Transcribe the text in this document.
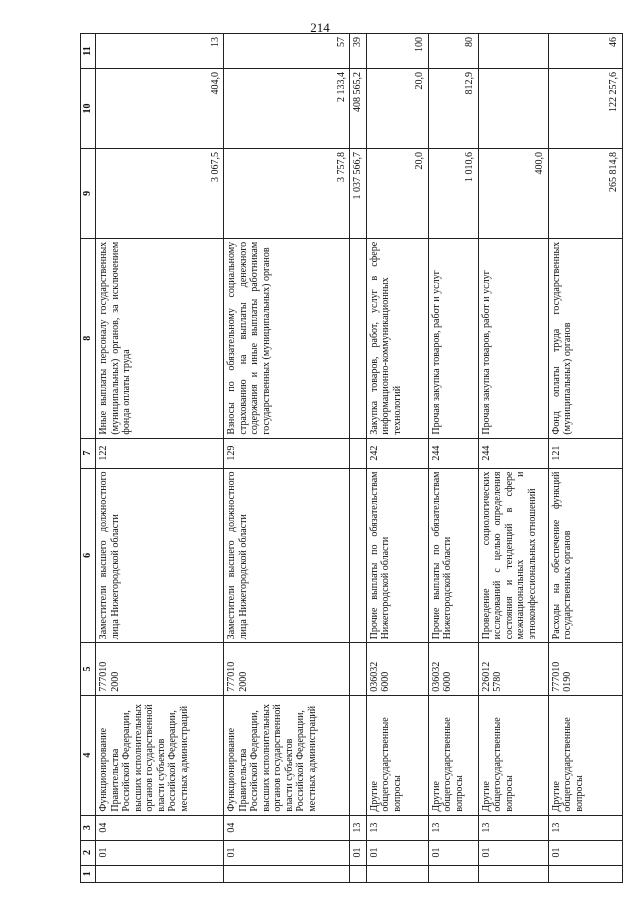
214
1	2	3	4	5	6	7	8	9	10	11
	01	04	Функционирование Правительства Российской Федерации, высших исполнительных органов государственной власти субъектов Российской Федерации, местных администраций	777010 2000	Заместители высшего должностного лица Нижегородской области	122	Иные выплаты персоналу государственных (муниципальных) органов, за исключением фонда оплаты труда	3 067,5	404,0	13
	01	04	Функционирование Правительства Российской Федерации, высших исполнительных органов государственной власти субъектов Российской Федерации, местных администраций	777010 2000	Заместители высшего должностного лица Нижегородской области	129	Взносы по обязательному социальному страхованию на выплаты денежного содержания и иные выплаты работникам государственных (муниципальных) органов	3 757,8	2 133,4	57
	01	13						1 037 566,7	408 565,2	39
	01	13	Другие общегосударственные вопросы	036032 6000	Прочие выплаты по обязательствам Нижегородской области	242	Закупка товаров, работ, услуг в сфере информационно-коммуникационных технологий	20,0	20,0	100
	01	13	Другие общегосударственные вопросы	036032 6000	Прочие выплаты по обязательствам Нижегородской области	244	Прочая закупка товаров, работ и услуг	1 010,6	812,9	80
	01	13	Другие общегосударственные вопросы	226012 5780	Проведение социологических исследований с целью определения состояния и тенденций в сфере межнациональных и этноконфессиональных отношений	244	Прочая закупка товаров, работ и услуг	400,0		
	01	13	Другие общегосударственные вопросы	777010 0190	Расходы на обеспечение функций государственных органов	121	Фонд оплаты труда государственных (муниципальных) органов	265 814,8	122 257,6	46
